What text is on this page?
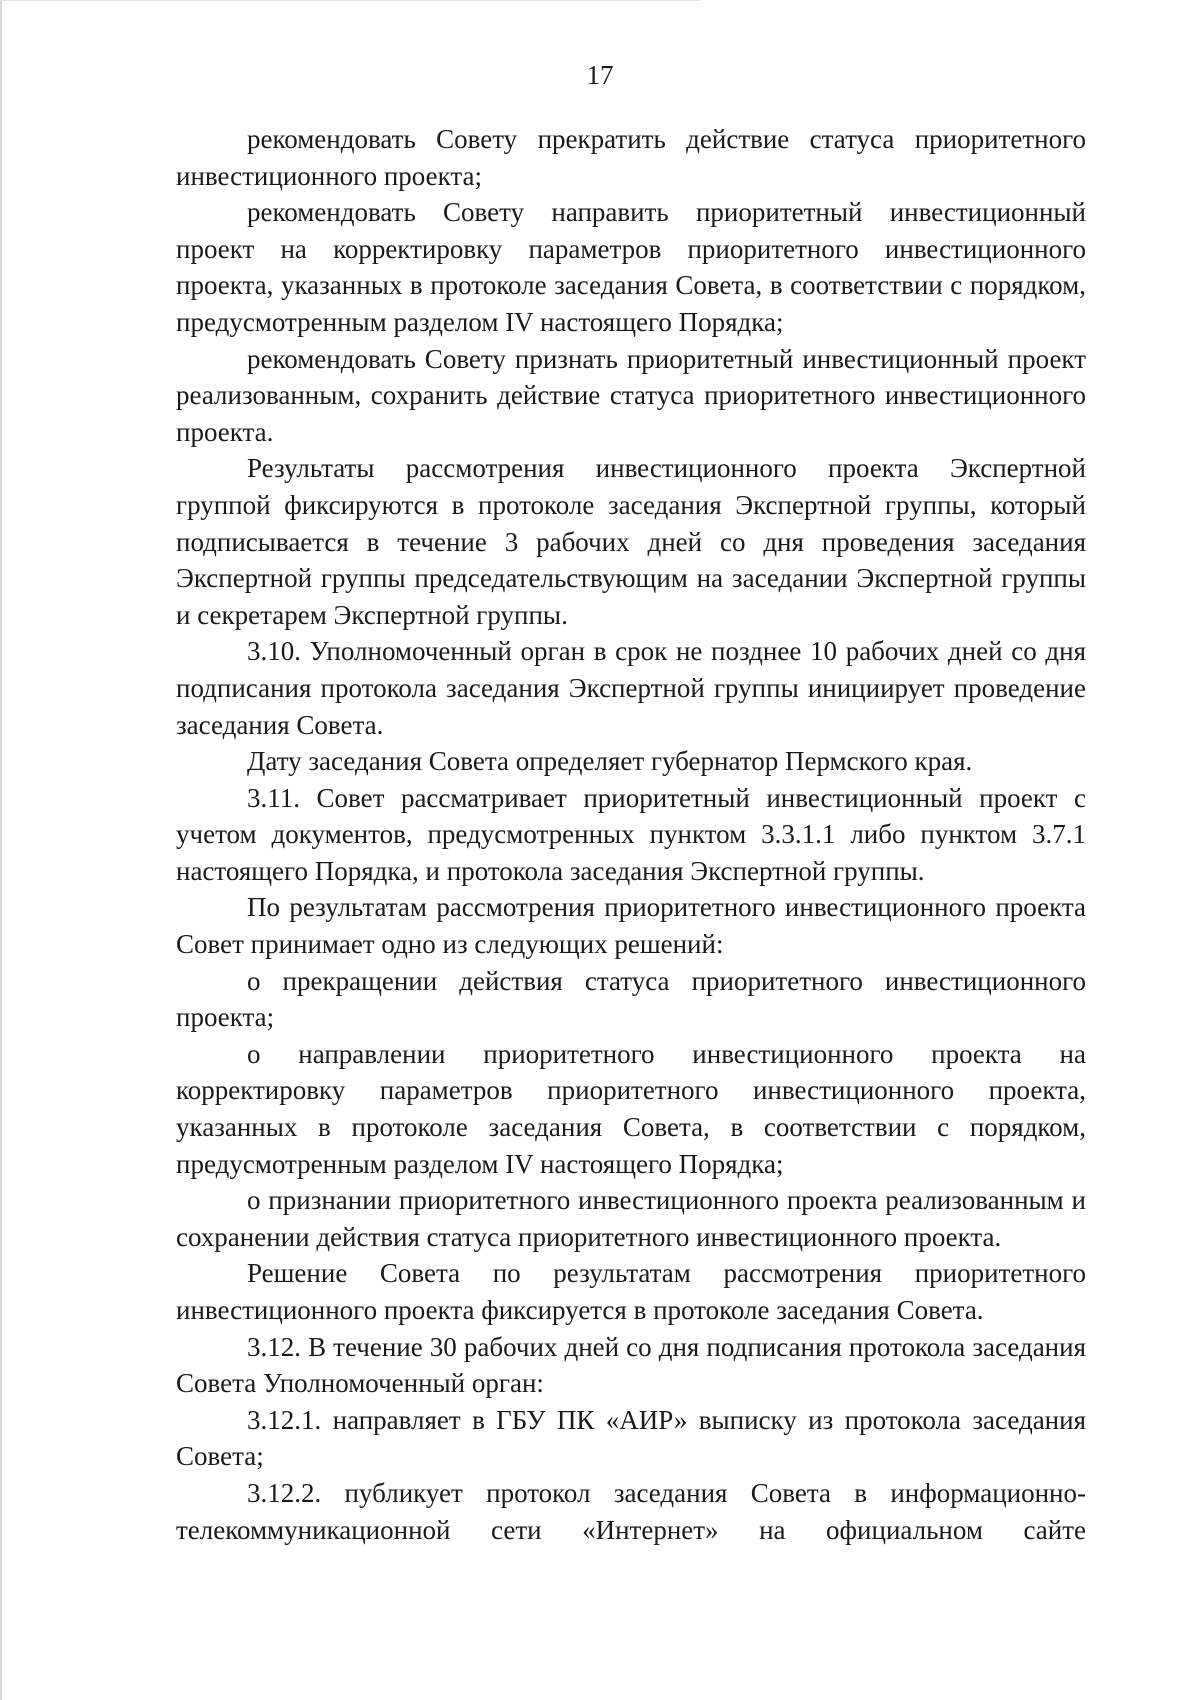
17

рекомендовать Совету прекратить действие статуса приоритетного инвестиционного проекта;

рекомендовать Совету направить приоритетный инвестиционный проект на корректировку параметров приоритетного инвестиционного проекта, указанных в протоколе заседания Совета, в соответствии с порядком, предусмотренным разделом IV настоящего Порядка;

рекомендовать Совету признать приоритетный инвестиционный проект реализованным, сохранить действие статуса приоритетного инвестиционного проекта.

Результаты рассмотрения инвестиционного проекта Экспертной группой фиксируются в протоколе заседания Экспертной группы, который подписывается в течение 3 рабочих дней со дня проведения заседания Экспертной группы председательствующим на заседании Экспертной группы и секретарем Экспертной группы.

3.10. Уполномоченный орган в срок не позднее 10 рабочих дней со дня подписания протокола заседания Экспертной группы инициирует проведение заседания Совета.

Дату заседания Совета определяет губернатор Пермского края.

3.11. Совет рассматривает приоритетный инвестиционный проект с учетом документов, предусмотренных пунктом 3.3.1.1 либо пунктом 3.7.1 настоящего Порядка, и протокола заседания Экспертной группы.

По результатам рассмотрения приоритетного инвестиционного проекта Совет принимает одно из следующих решений:

о прекращении действия статуса приоритетного инвестиционного проекта;

о направлении приоритетного инвестиционного проекта на корректировку параметров приоритетного инвестиционного проекта, указанных в протоколе заседания Совета, в соответствии с порядком, предусмотренным разделом IV настоящего Порядка;

о признании приоритетного инвестиционного проекта реализованным и сохранении действия статуса приоритетного инвестиционного проекта.

Решение Совета по результатам рассмотрения приоритетного инвестиционного проекта фиксируется в протоколе заседания Совета.

3.12. В течение 30 рабочих дней со дня подписания протокола заседания Совета Уполномоченный орган:

3.12.1. направляет в ГБУ ПК «АИР» выписку из протокола заседания Совета;

3.12.2. публикует протокол заседания Совета в информационно-телекоммуникационной сети «Интернет» на официальном сайте
